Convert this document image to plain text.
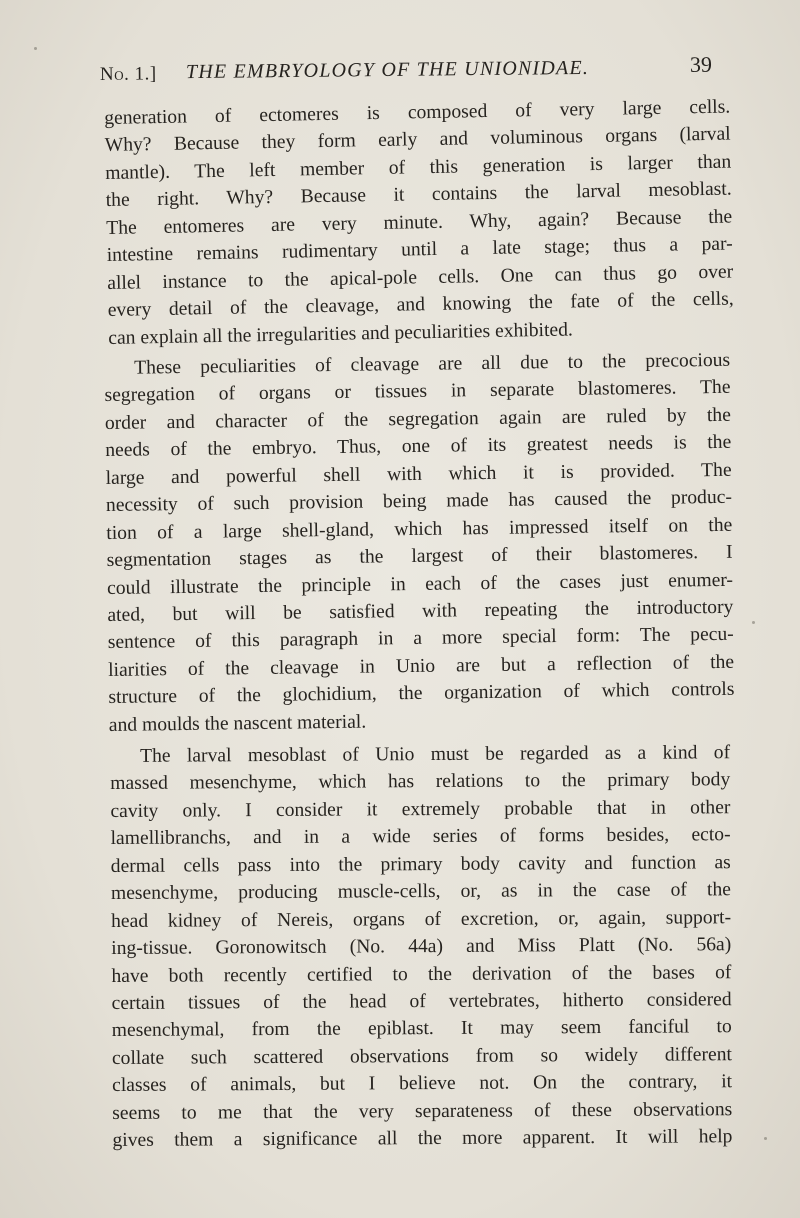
No. 1.] THE EMBRYOLOGY OF THE UNIONIDAE.	39
generation of ectomeres is composed of very large cells.
Why? Because they form early and voluminous organs (larval
mantle). The left member of this generation is larger than
the right. Why? Because it contains the larval mesoblast.
The entomeres are very minute. Why, again? Because the
intestine remains rudimentary until a late stage; thus a par-
allel instance to the apical-pole cells. One can thus go over
every detail of the cleavage, and knowing the fate of the cells,
can explain all the irregularities and peculiarities exhibited.
These peculiarities of cleavage are all due to the precocious
segregation of organs or tissues in separate blastomeres. The
order and character of the segregation again are ruled by the
needs of the embryo. Thus, one of its greatest needs is the
large and powerful shell with which it is provided. The
necessity of such provision being made has caused the produc-
tion of a large shell-gland, which has impressed itself on the
segmentation stages as the largest of their blastomeres. I
could illustrate the principle in each of the cases just enumer-
ated, but will be satisfied with repeating the introductory
sentence of this paragraph in a more special form: The pecu-
liarities of the cleavage in Unio are but a reflection of the
structure of the glochidium, the organization of which controls
and moulds the nascent material.
The larval mesoblast of Unio must be regarded as a kind of
massed mesenchyme, which has relations to the primary body
cavity only. I consider it extremely probable that in other
lamellibranchs, and in a wide series of forms besides, ecto-
dermal cells pass into the primary body cavity and function as
mesenchyme, producing muscle-cells, or, as in the case of the
head kidney of Nereis, organs of excretion, or, again, support-
ing-tissue. Goronowitsch (No. 44a) and Miss Platt (No. 56a)
have both recently certified to the derivation of the bases of
certain tissues of the head of vertebrates, hitherto considered
mesenchymal, from the epiblast. It may seem fanciful to
collate such scattered observations from so widely different
classes of animals, but I believe not. On the contrary, it
seems to me that the very separateness of these observations
gives them a significance all the more apparent. It will help
